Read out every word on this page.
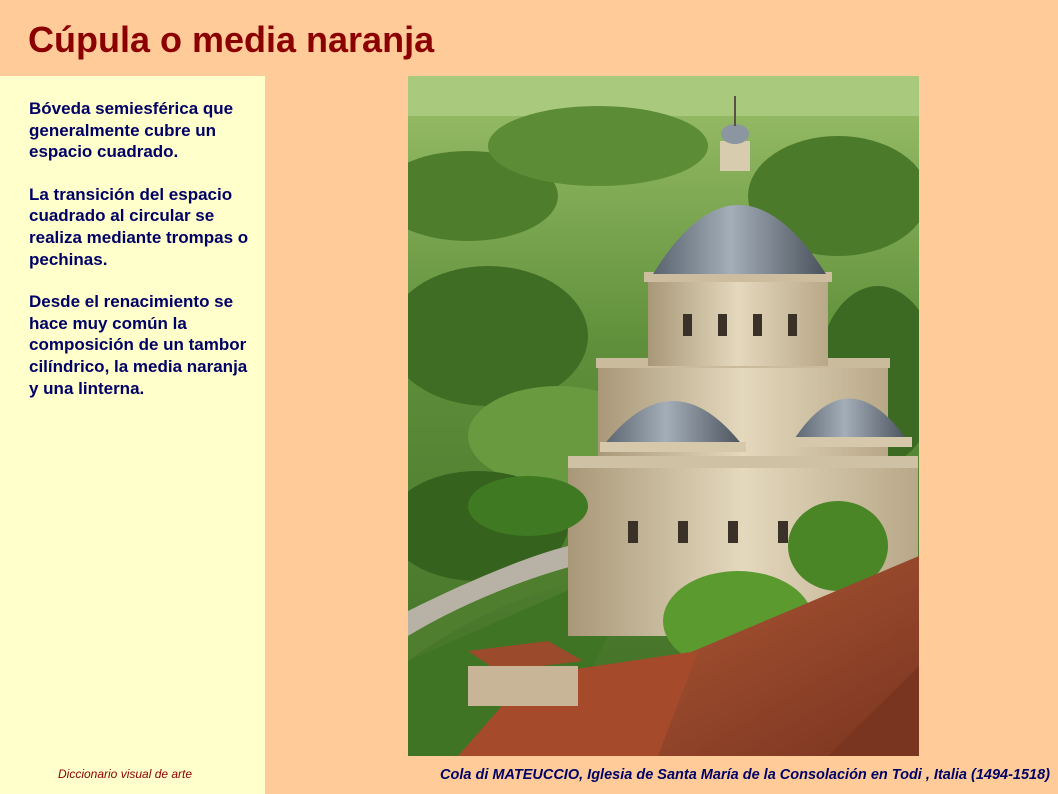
Cúpula o media naranja

Bóveda semiesférica que generalmente cubre un espacio cuadrado.

La transición del espacio cuadrado al circular se realiza mediante trompas o pechinas.

Desde el renacimiento se hace muy común la composición de un tambor cilíndrico, la media naranja y una linterna.

Diccionario visual de arte	Cola di MATEUCCIO, Iglesia de Santa María de la Consolación en Todi , Italia (1494-1518)
